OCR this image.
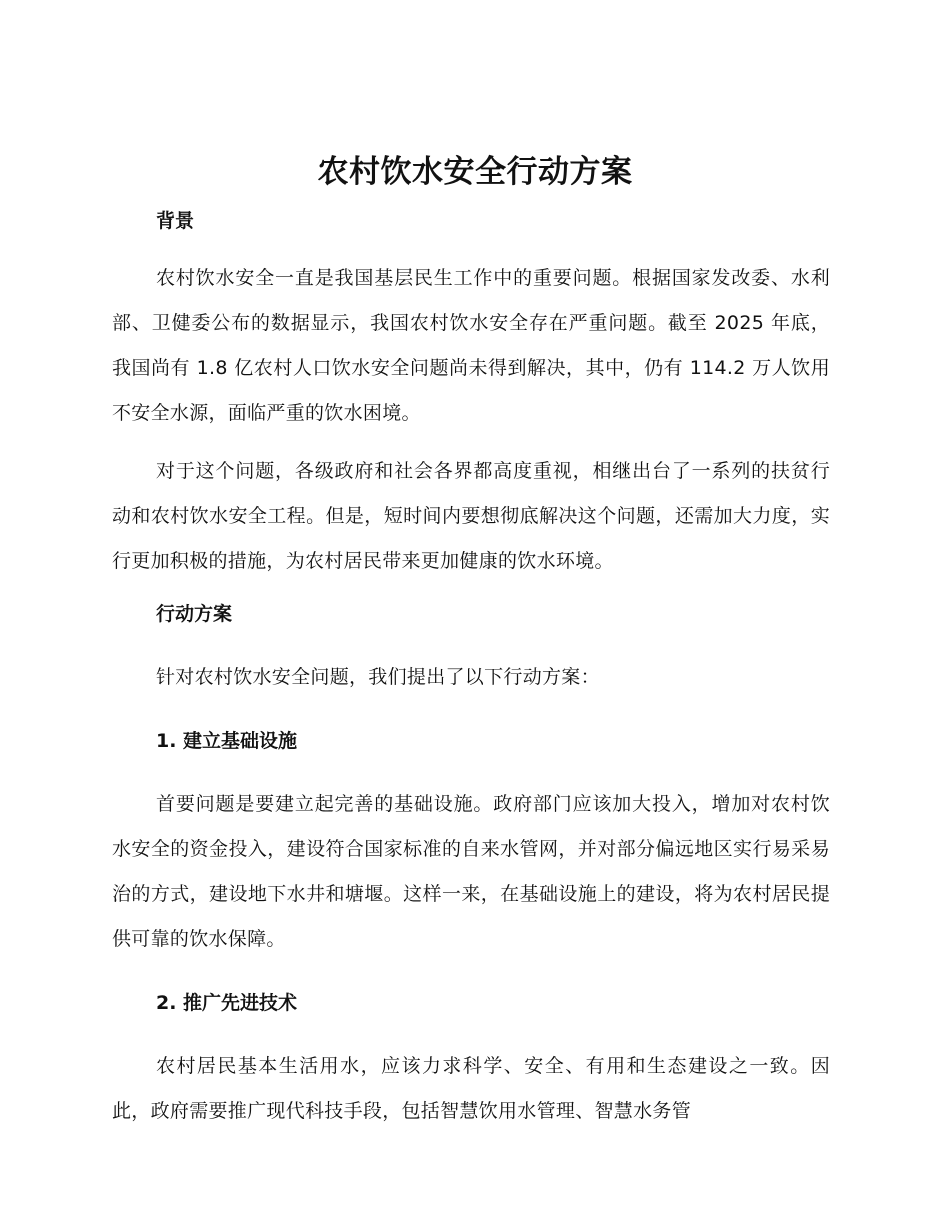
农村饮水安全行动方案
背景

农村饮水安全一直是我国基层民生工作中的重要问题。根据国家发改委、水利部、卫健委公布的数据显示，我国农村饮水安全存在严重问题。截至 2025 年底，我国尚有 1.8 亿农村人口饮水安全问题尚未得到解决，其中，仍有 114.2 万人饮用不安全水源，面临严重的饮水困境。

对于这个问题，各级政府和社会各界都高度重视，相继出台了一系列的扶贫行动和农村饮水安全工程。但是，短时间内要想彻底解决这个问题，还需加大力度，实行更加积极的措施，为农村居民带来更加健康的饮水环境。

行动方案

针对农村饮水安全问题，我们提出了以下行动方案：

1. 建立基础设施

首要问题是要建立起完善的基础设施。政府部门应该加大投入，增加对农村饮水安全的资金投入，建设符合国家标准的自来水管网，并对部分偏远地区实行易采易治的方式，建设地下水井和塘堰。这样一来，在基础设施上的建设，将为农村居民提供可靠的饮水保障。

2. 推广先进技术

农村居民基本生活用水，应该力求科学、安全、有用和生态建设之一致。因此，政府需要推广现代科技手段，包括智慧饮用水管理、智慧水务管
